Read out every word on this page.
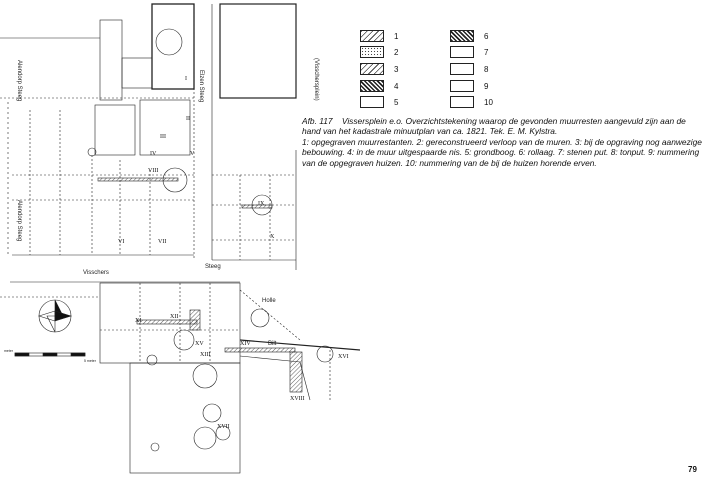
Alendorp Steeg
Alendorp Steeg
Elzen Steeg	(Visschersplein)
Visschers
Steeg
Holle
Bilt
meter
5 meter
I
II
III
IV	V
VI	VII
VIII
IX
X
XI
XII
XIII
XIV
XV
XVI
XVII
XVIII
1
2
3
4
5
6
7
8
9
10

Afb. 117 Vissersplein e.o. Overzichtstekening waarop de gevonden muurresten aangevuld zijn aan de hand van het kadastrale minuutplan van ca. 1821. Tek. E. M. Kylstra.

1: opgegraven muurrestanten. 2: gereconstrueerd verloop van de muren. 3: bij de opgraving nog aanwezige bebouwing. 4: in de muur uitgespaarde nis. 5: grondboog. 6: rollaag. 7: stenen put. 8: tonput. 9: nummering van de opgegraven huizen. 10: nummering van de bij de huizen horende erven.

79
